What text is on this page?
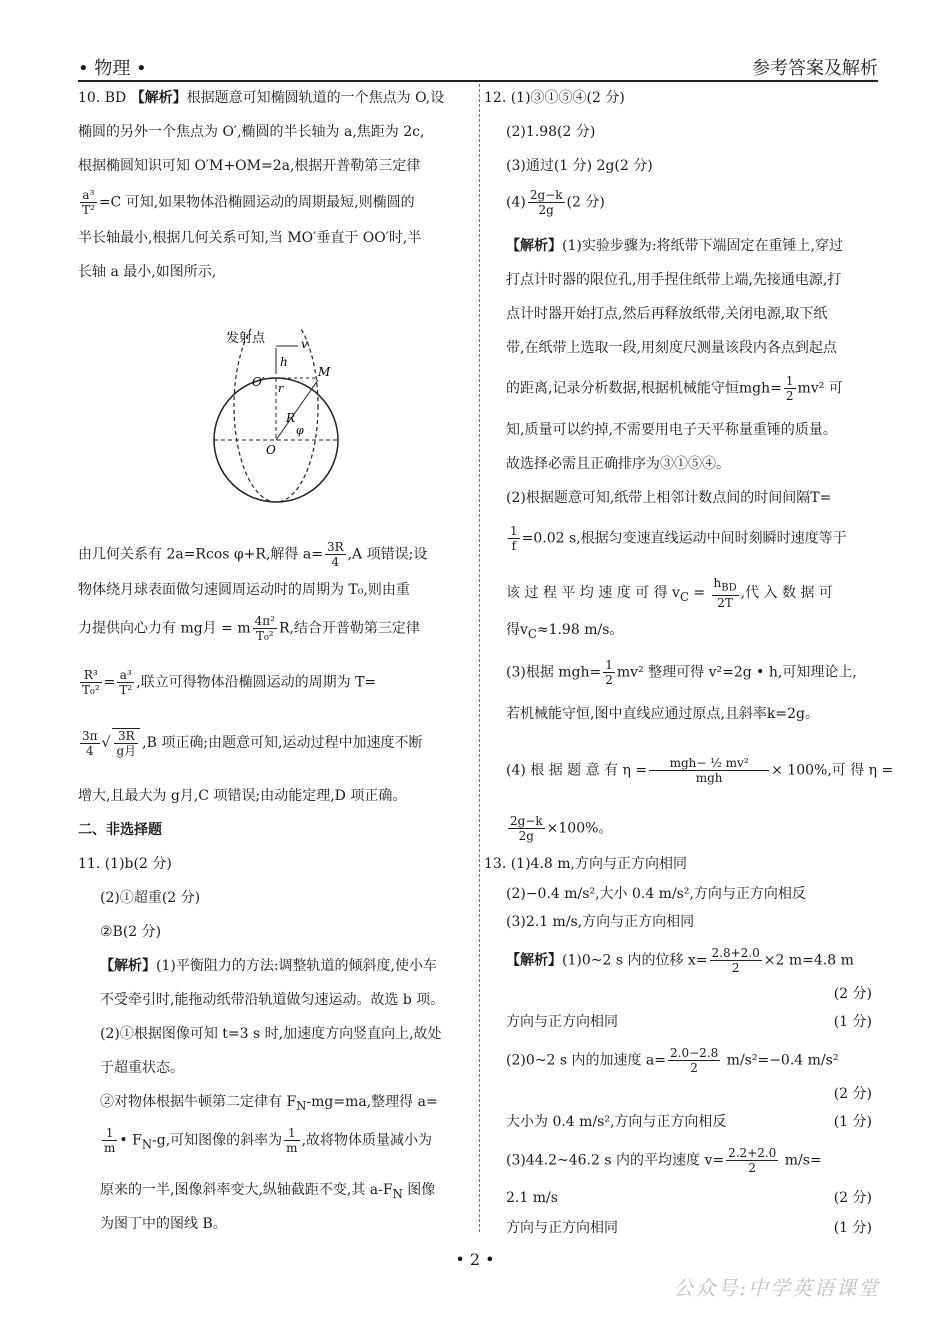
• 物理 •	参考答案及解析
10. BD 【解析】根据题意可知椭圆轨道的一个焦点为 O,设
椭圆的另外一个焦点为 O′,椭圆的半长轴为 a,焦距为 2c,
根据椭圆知识可知 O′M+OM=2a,根据开普勒第三定律
$\frac{\text{a³}}{\text{T²}} =C$ 可知,如果物体沿椭圆运动的周期最短,则椭圆的
半长轴最小,根据几何关系可知,当 MO′垂直于 OO′时,半
长轴 a 最小,如图所示,
发射点	v
h
O′ r
M
R
φ
O
由几何关系有 2a=Rcos φ+R,解得 $a= \frac{3R}{4} ,A$ 项错误;设
物体绕月球表面做匀速圆周运动时的周期为 T₀,则由重
力提供向心力有 mg月 = m $\frac{\text{4π²}}{\text{T₀²}} R$,结合开普勒第三定律
$\frac{\text{R³}}{\text{T₀²}} = \frac{\text{a³}}{\text{T²}}$ ,联立可得物体沿椭圆运动的周期为 T=
$\frac{3\pi}{4}$ √ $\frac{3R}{\text{g月}} ,B$ 项正确;由题意可知,运动过程中加速度不断
增大,且最大为 g月,C 项错误;由动能定理,D 项正确。
二、非选择题
11. (1)b(2 分)
(2)①超重(2 分)
②B(2 分)
【解析】(1)平衡阻力的方法:调整轨道的倾斜度,使小车
不受牵引时,能拖动纸带沿轨道做匀速运动。故选 b 项。
(2)①根据图像可知 t=3 s 时,加速度方向竖直向上,故处
于超重状态。
②对物体根据牛顿第二定律有 $F_N-mg=ma$,整理得 a=
$\frac{1}{m}$ • $F_N-g$,可知图像的斜率为 $\frac{1}{m}$ ,故将物体质量减小为
原来的一半,图像斜率变大,纵轴截距不变,其 $a-F_N$ 图像
为图丁中的图线 B。
12. (1)③①⑤④(2 分)
(2)1.98(2 分)
(3)通过(1 分) 2g(2 分)
$(4) \frac{2g-k}{2g} (2$ 分)
【解析】(1)实验步骤为:将纸带下端固定在重锤上,穿过
打点计时器的限位孔,用手捏住纸带上端,先接通电源,打
点计时器开始打点,然后再释放纸带,关闭电源,取下纸
带,在纸带上选取一段,用刻度尺测量该段内各点到起点
的距离,记录分析数据,根据机械能守恒$mgh= \frac{1}{2} mv^2$ 可
知,质量可以约掉,不需要用电子天平称量重锤的质量。
故选择必需且正确排序为③①⑤④。
(2)根据题意可知,纸带上相邻计数点间的时间间隔T=
$\frac{1}{f} =0.02$ s,根据匀变速直线运动中间时刻瞬时速度等于
该 过 程 平 均 速 度 可 得 $v_C = \frac{h_{BD}}{2T}$ ,代 入 数 据 可
得$v_C\approx 1.98$ m/s。
(3)根据 $mgh= \frac{1}{2} mv^2$ 整理可得 v²=2g • h,可知理论上,
若机械能守恒,图中直线应通过原点,且斜率k=2g。
(4) 根 据 题 意 有 $\eta = \frac{\text{mgh− ½ mv²}}{\text{mgh}} \times 100\%$,可 得 η =
$\frac{2g-k}{2g} \times 100\%$。
13. (1)4.8 m,方向与正方向相同
(2)−0.4 m/s²,大小 0.4 m/s²,方向与正方向相反
(3)2.1 m/s,方向与正方向相同
【解析】(1)0~2 s 内的位移 $x= \frac{2.8+2.0}{2} \times 2$ m=4.8 m
(2 分)
方向与正方向相同	(1 分)
(2)0~2 s 内的加速度 $a= \frac{2.0-2.8}{2} m/s^2=-0.4$ m/s²
(2 分)
大小为 0.4 m/s²,方向与正方向相反	(1 分)
(3)44.2~46.2 s 内的平均速度 $v= \frac{2.2+2.0}{2} m/s=$
2.1 m/s	(2 分)
方向与正方向相同	(1 分)
• 2 •
公众号:中学英语课堂
